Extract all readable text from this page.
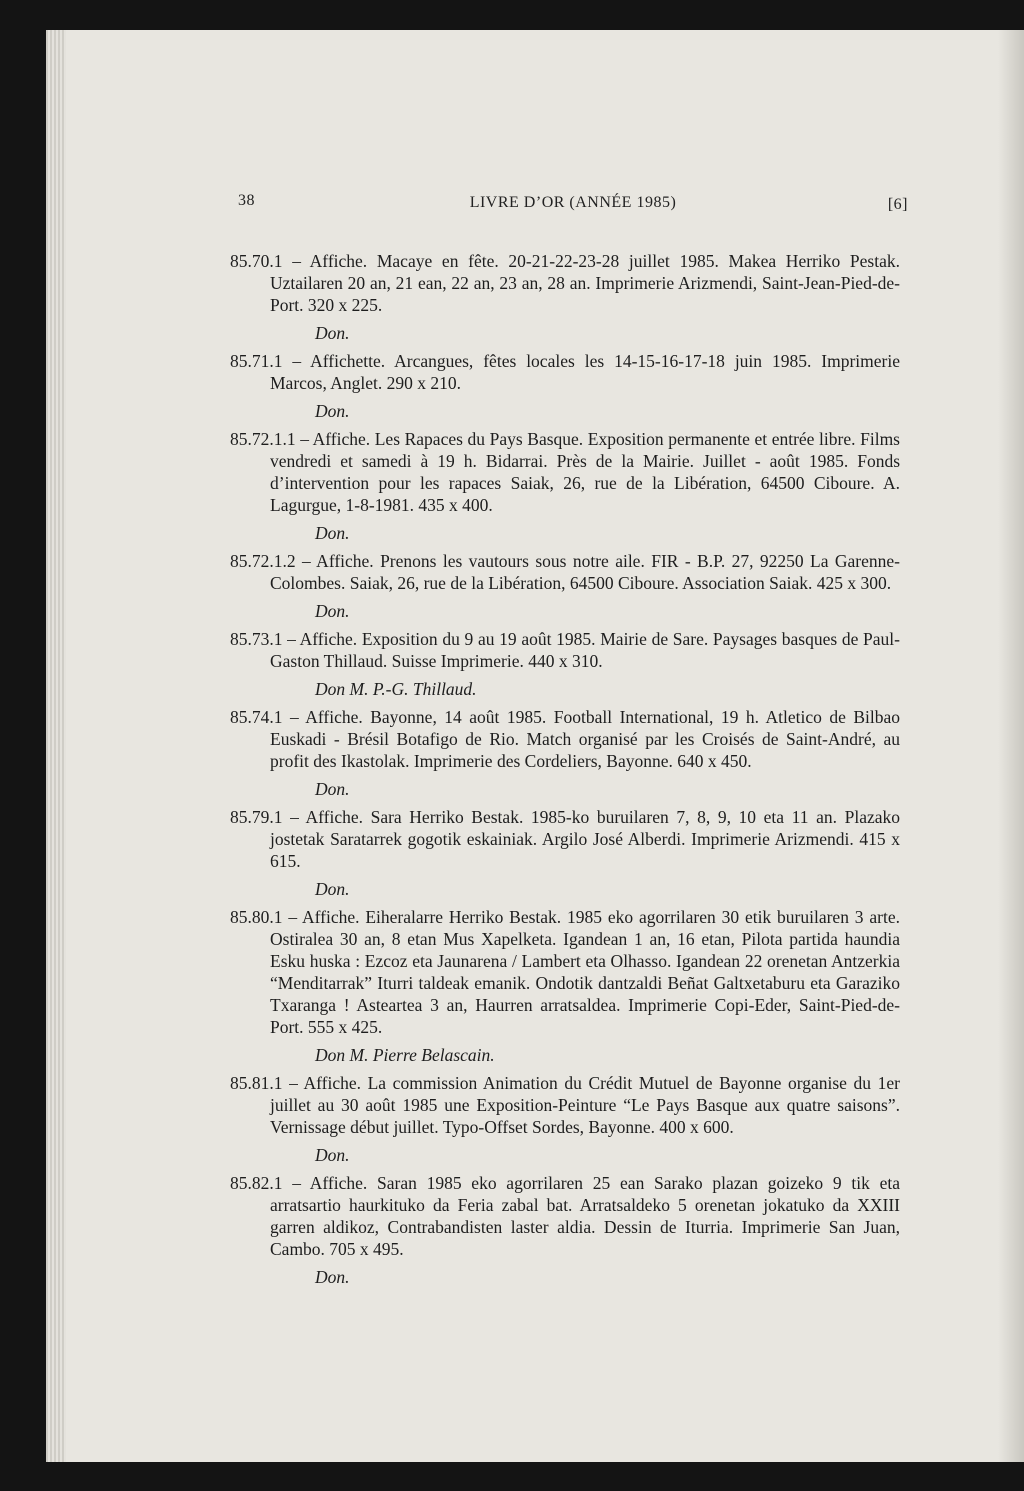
38	LIVRE D’OR (ANNÉE 1985)	[6]

85.70.1 – Affiche. Macaye en fête. 20-21-22-23-28 juillet 1985. Makea Herriko Pestak. Uztailaren 20 an, 21 ean, 22 an, 23 an, 28 an. Imprimerie Arizmendi, Saint-Jean-Pied-de-Port. 320 x 225.

Don.

85.71.1 – Affichette. Arcangues, fêtes locales les 14-15-16-17-18 juin 1985. Imprimerie Marcos, Anglet. 290 x 210.

Don.

85.72.1.1 – Affiche. Les Rapaces du Pays Basque. Exposition permanente et entrée libre. Films vendredi et samedi à 19 h. Bidarrai. Près de la Mairie. Juillet - août 1985. Fonds d’intervention pour les rapaces Saiak, 26, rue de la Libération, 64500 Ciboure. A. Lagurgue, 1-8-1981. 435 x 400.

Don.

85.72.1.2 – Affiche. Prenons les vautours sous notre aile. FIR - B.P. 27, 92250 La Garenne-Colombes. Saiak, 26, rue de la Libération, 64500 Ciboure. Association Saiak. 425 x 300.

Don.

85.73.1 – Affiche. Exposition du 9 au 19 août 1985. Mairie de Sare. Paysages basques de Paul-Gaston Thillaud. Suisse Imprimerie. 440 x 310.

Don M. P.-G. Thillaud.

85.74.1 – Affiche. Bayonne, 14 août 1985. Football International, 19 h. Atletico de Bilbao Euskadi - Brésil Botafigo de Rio. Match organisé par les Croisés de Saint-André, au profit des Ikastolak. Imprimerie des Cordeliers, Bayonne. 640 x 450.

Don.

85.79.1 – Affiche. Sara Herriko Bestak. 1985-ko buruilaren 7, 8, 9, 10 eta 11 an. Plazako jostetak Saratarrek gogotik eskainiak. Argilo José Alberdi. Imprimerie Arizmendi. 415 x 615.

Don.

85.80.1 – Affiche. Eiheralarre Herriko Bestak. 1985 eko agorrilaren 30 etik buruilaren 3 arte. Ostiralea 30 an, 8 etan Mus Xapelketa. Igandean 1 an, 16 etan, Pilota partida haundia Esku huska : Ezcoz eta Jaunarena / Lambert eta Olhasso. Igandean 22 orenetan Antzerkia “Menditarrak” Iturri taldeak emanik. Ondotik dantzaldi Beñat Galtxetaburu eta Garaziko Txaranga ! Asteartea 3 an, Haurren arratsaldea. Imprimerie Copi-Eder, Saint-Pied-de-Port. 555 x 425.

Don M. Pierre Belascain.

85.81.1 – Affiche. La commission Animation du Crédit Mutuel de Bayonne organise du 1er juillet au 30 août 1985 une Exposition-Peinture “Le Pays Basque aux quatre saisons”. Vernissage début juillet. Typo-Offset Sordes, Bayonne. 400 x 600.

Don.

85.82.1 – Affiche. Saran 1985 eko agorrilaren 25 ean Sarako plazan goizeko 9 tik eta arratsartio haurkituko da Feria zabal bat. Arratsaldeko 5 orenetan jokatuko da XXIII garren aldikoz, Contrabandisten laster aldia. Dessin de Iturria. Imprimerie San Juan, Cambo. 705 x 495.

Don.
